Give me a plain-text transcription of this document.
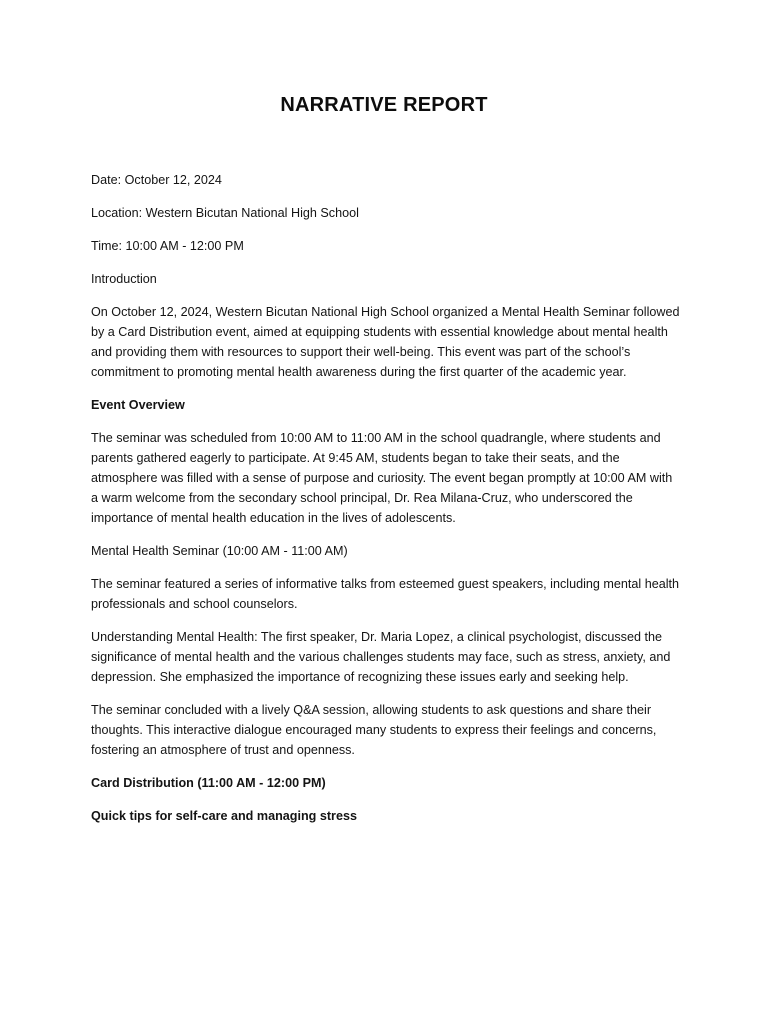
NARRATIVE REPORT

Date: October 12, 2024

Location: Western Bicutan National High School

Time: 10:00 AM - 12:00 PM

Introduction

On October 12, 2024, Western Bicutan National High School organized a Mental Health Seminar followed by a Card Distribution event, aimed at equipping students with essential knowledge about mental health and providing them with resources to support their well-being. This event was part of the school’s commitment to promoting mental health awareness during the first quarter of the academic year.

Event Overview

The seminar was scheduled from 10:00 AM to 11:00 AM in the school quadrangle, where students and parents gathered eagerly to participate. At 9:45 AM, students began to take their seats, and the atmosphere was filled with a sense of purpose and curiosity. The event began promptly at 10:00 AM with a warm welcome from the secondary school principal, Dr. Rea Milana-Cruz, who underscored the importance of mental health education in the lives of adolescents.

Mental Health Seminar (10:00 AM - 11:00 AM)

The seminar featured a series of informative talks from esteemed guest speakers, including mental health professionals and school counselors.

Understanding Mental Health: The first speaker, Dr. Maria Lopez, a clinical psychologist, discussed the significance of mental health and the various challenges students may face, such as stress, anxiety, and depression. She emphasized the importance of recognizing these issues early and seeking help.

The seminar concluded with a lively Q&A session, allowing students to ask questions and share their thoughts. This interactive dialogue encouraged many students to express their feelings and concerns, fostering an atmosphere of trust and openness.

Card Distribution (11:00 AM - 12:00 PM)

Quick tips for self-care and managing stress
